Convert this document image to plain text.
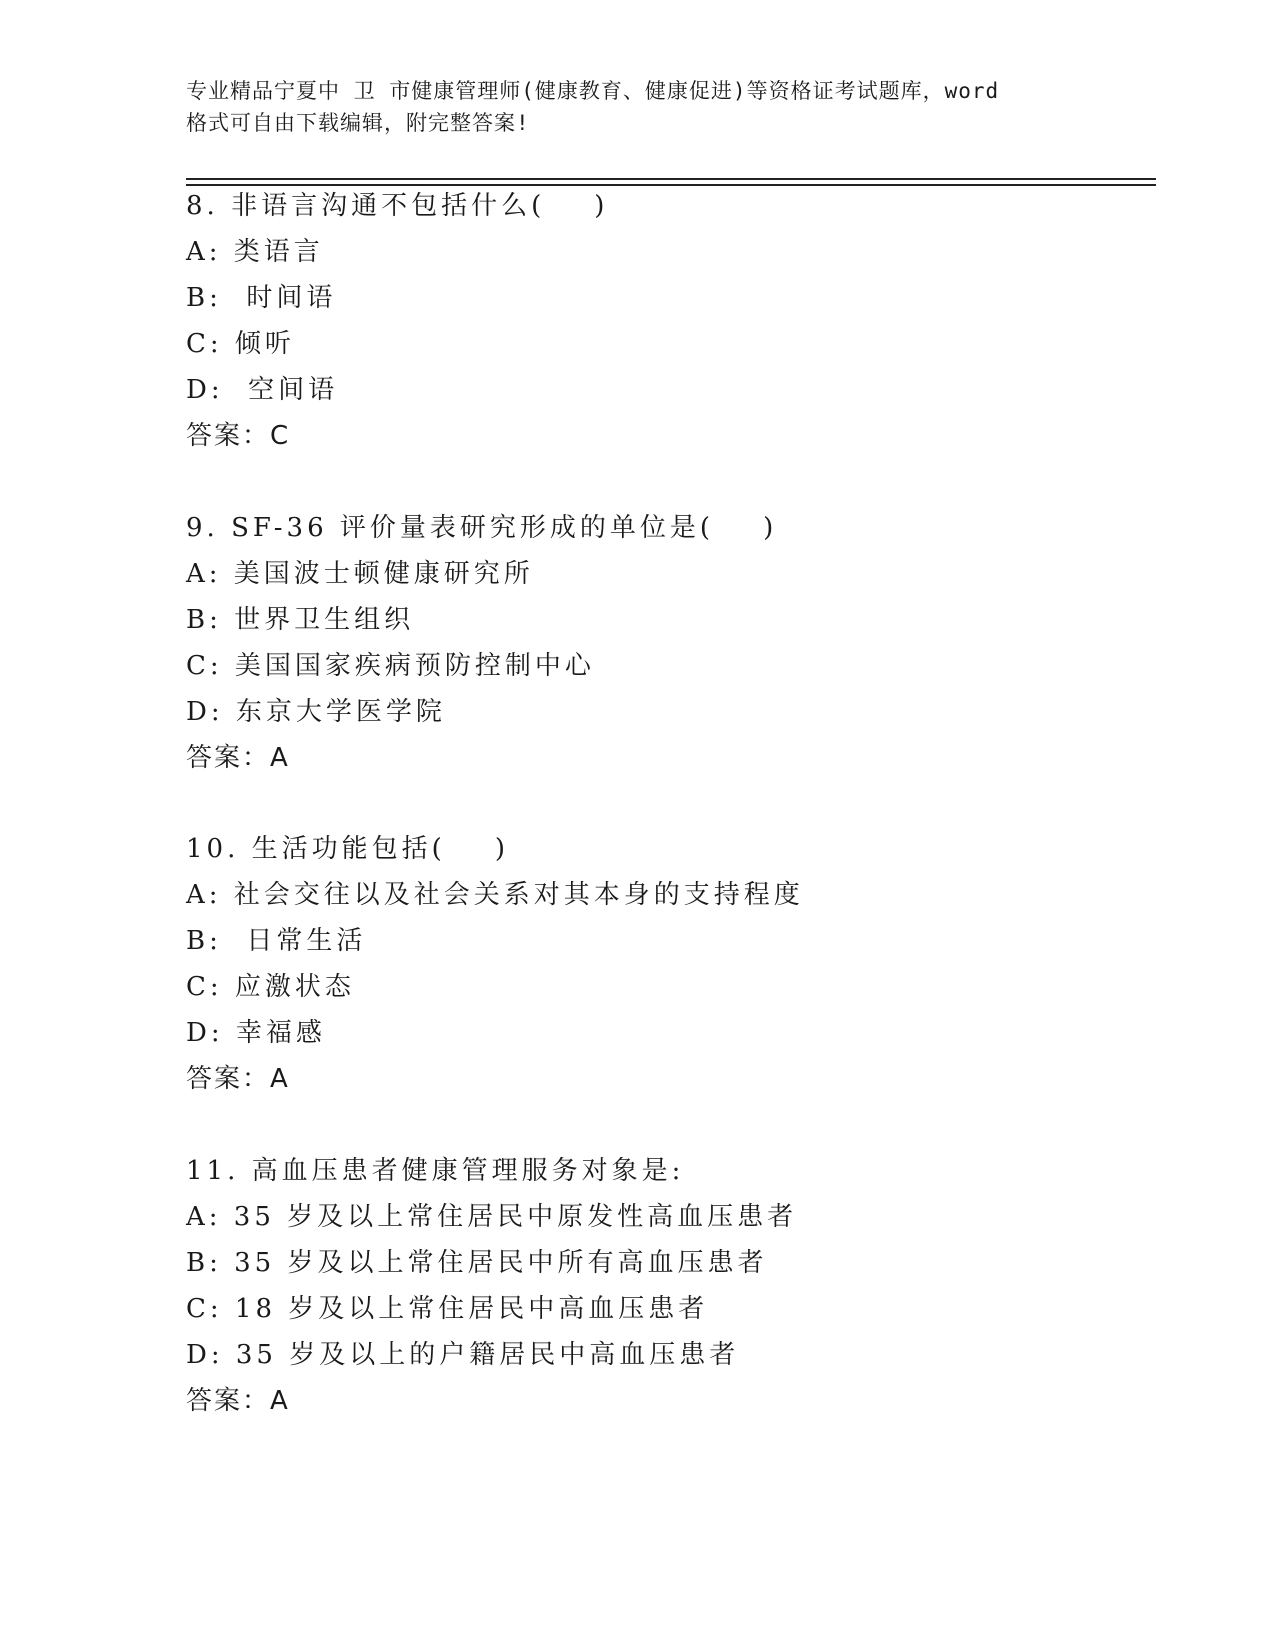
专业精品宁夏中 卫 市健康管理师(健康教育、健康促进)等资格证考试题库，word
格式可自由下载编辑，附完整答案!
8. 非语言沟通不包括什么(    )
A: 类语言
B:  时间语
C: 倾听
D:  空间语
答案：C
9. SF-36 评价量表研究形成的单位是(    )
A: 美国波士顿健康研究所
B: 世界卫生组织
C: 美国国家疾病预防控制中心
D: 东京大学医学院
答案：A
10. 生活功能包括(    )
A: 社会交往以及社会关系对其本身的支持程度
B:  日常生活
C: 应激状态
D: 幸福感
答案：A
11. 高血压患者健康管理服务对象是:
A: 35 岁及以上常住居民中原发性高血压患者
B: 35 岁及以上常住居民中所有高血压患者
C: 18 岁及以上常住居民中高血压患者
D: 35 岁及以上的户籍居民中高血压患者
答案：A
